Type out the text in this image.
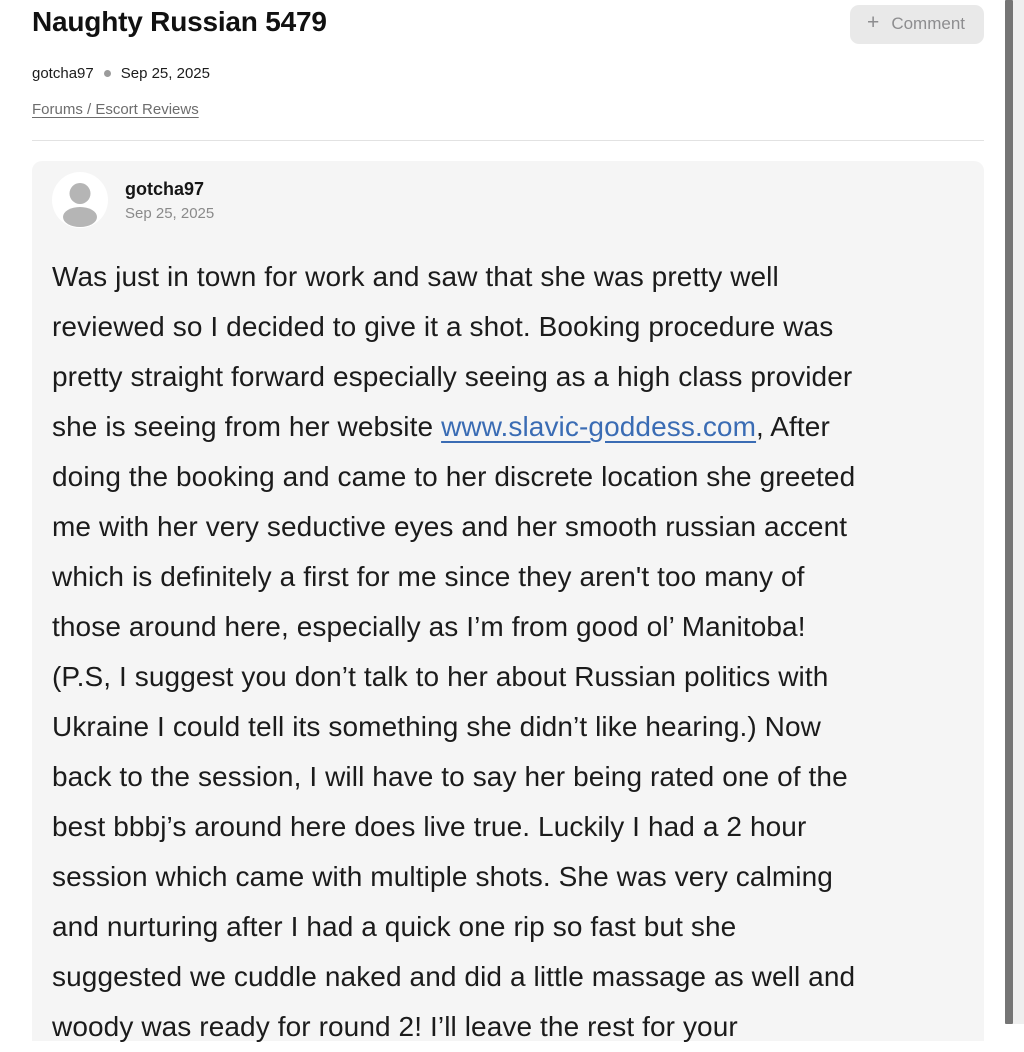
Naughty Russian 5479	+ Comment
gotcha97 Sep 25, 2025
Forums / Escort Reviews
gotcha97
Sep 25, 2025
Was just in town for work and saw that she was pretty well
reviewed so I decided to give it a shot. Booking procedure was
pretty straight forward especially seeing as a high class provider
she is seeing from her website www.slavic-goddess.com, After
doing the booking and came to her discrete location she greeted
me with her very seductive eyes and her smooth russian accent
which is definitely a first for me since they aren't too many of
those around here, especially as I’m from good ol’ Manitoba!
(P.S, I suggest you don’t talk to her about Russian politics with
Ukraine I could tell its something she didn’t like hearing.) Now
back to the session, I will have to say her being rated one of the
best bbbj’s around here does live true. Luckily I had a 2 hour
session which came with multiple shots. She was very calming
and nurturing after I had a quick one rip so fast but she
suggested we cuddle naked and did a little massage as well and
woody was ready for round 2! I’ll leave the rest for your
